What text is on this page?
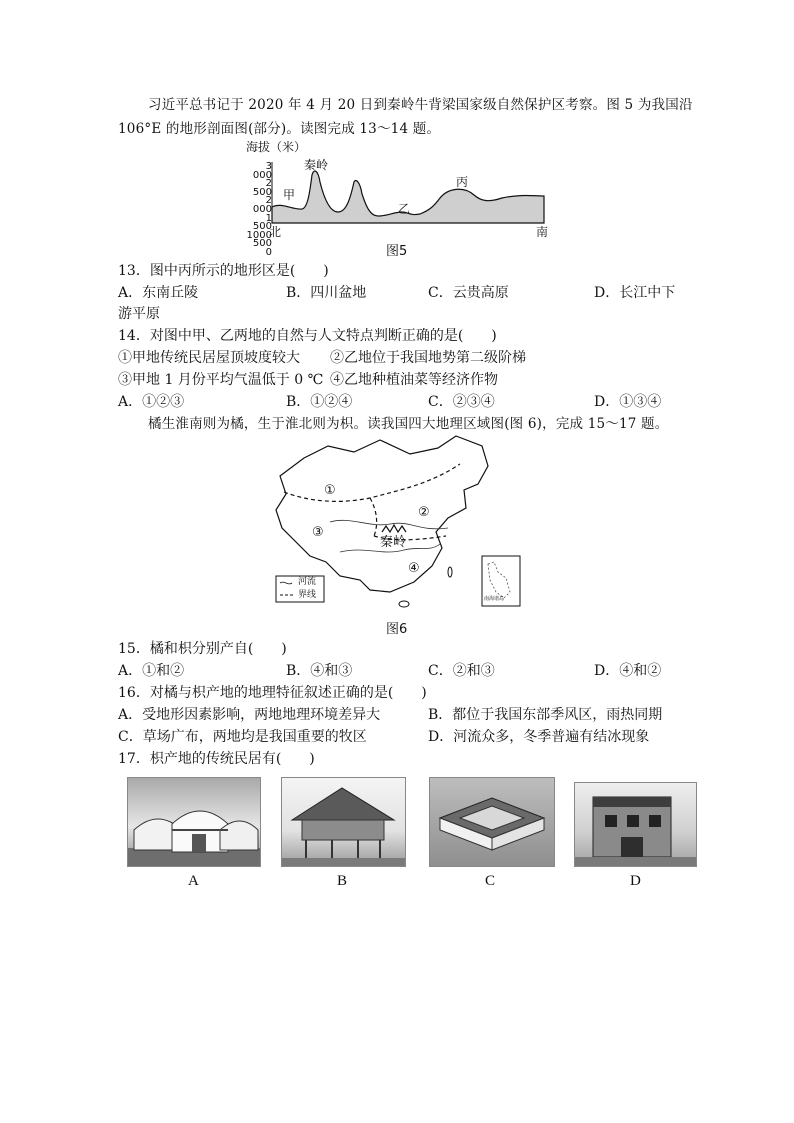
习近平总书记于 2020 年 4 月 20 日到秦岭牛背梁国家级自然保护区考察。图 5 为我国沿
106°E 的地形剖面图(部分)。读图完成 13～14 题。
海拔（米）
3 000
2 500
2 000
1 500
1000
500
0
甲
秦岭
丙
乙
北	南
图5
13．图中丙所示的地形区是(　　)
A．东南丘陵	B．四川盆地	C．云贵高原	D．长江中下
游平原
14．对图中甲、乙两地的自然与人文特点判断正确的是(　　)
①甲地传统民居屋顶坡度较大 ②乙地位于我国地势第二级阶梯
③甲地 1 月份平均气温低于 0 ℃ ④乙地种植油菜等经济作物
A．①②③	B．①②④	C．②③④	D．①③④
橘生淮南则为橘，生于淮北则为枳。读我国四大地理区域图(图 6)，完成 15～17 题。
①
②
③
④
秦岭
河流
界线	南海诸岛
图6
15．橘和枳分别产自(　　)
A．①和②	B．④和③	C．②和③	D．④和②
16．对橘与枳产地的地理特征叙述正确的是(　　)
A．受地形因素影响，两地地理环境差异大	B．都位于我国东部季风区，雨热同期
C．草场广布，两地均是我国重要的牧区	D．河流众多，冬季普遍有结冰现象
17．枳产地的传统民居有(　　)
A	B	C	D
